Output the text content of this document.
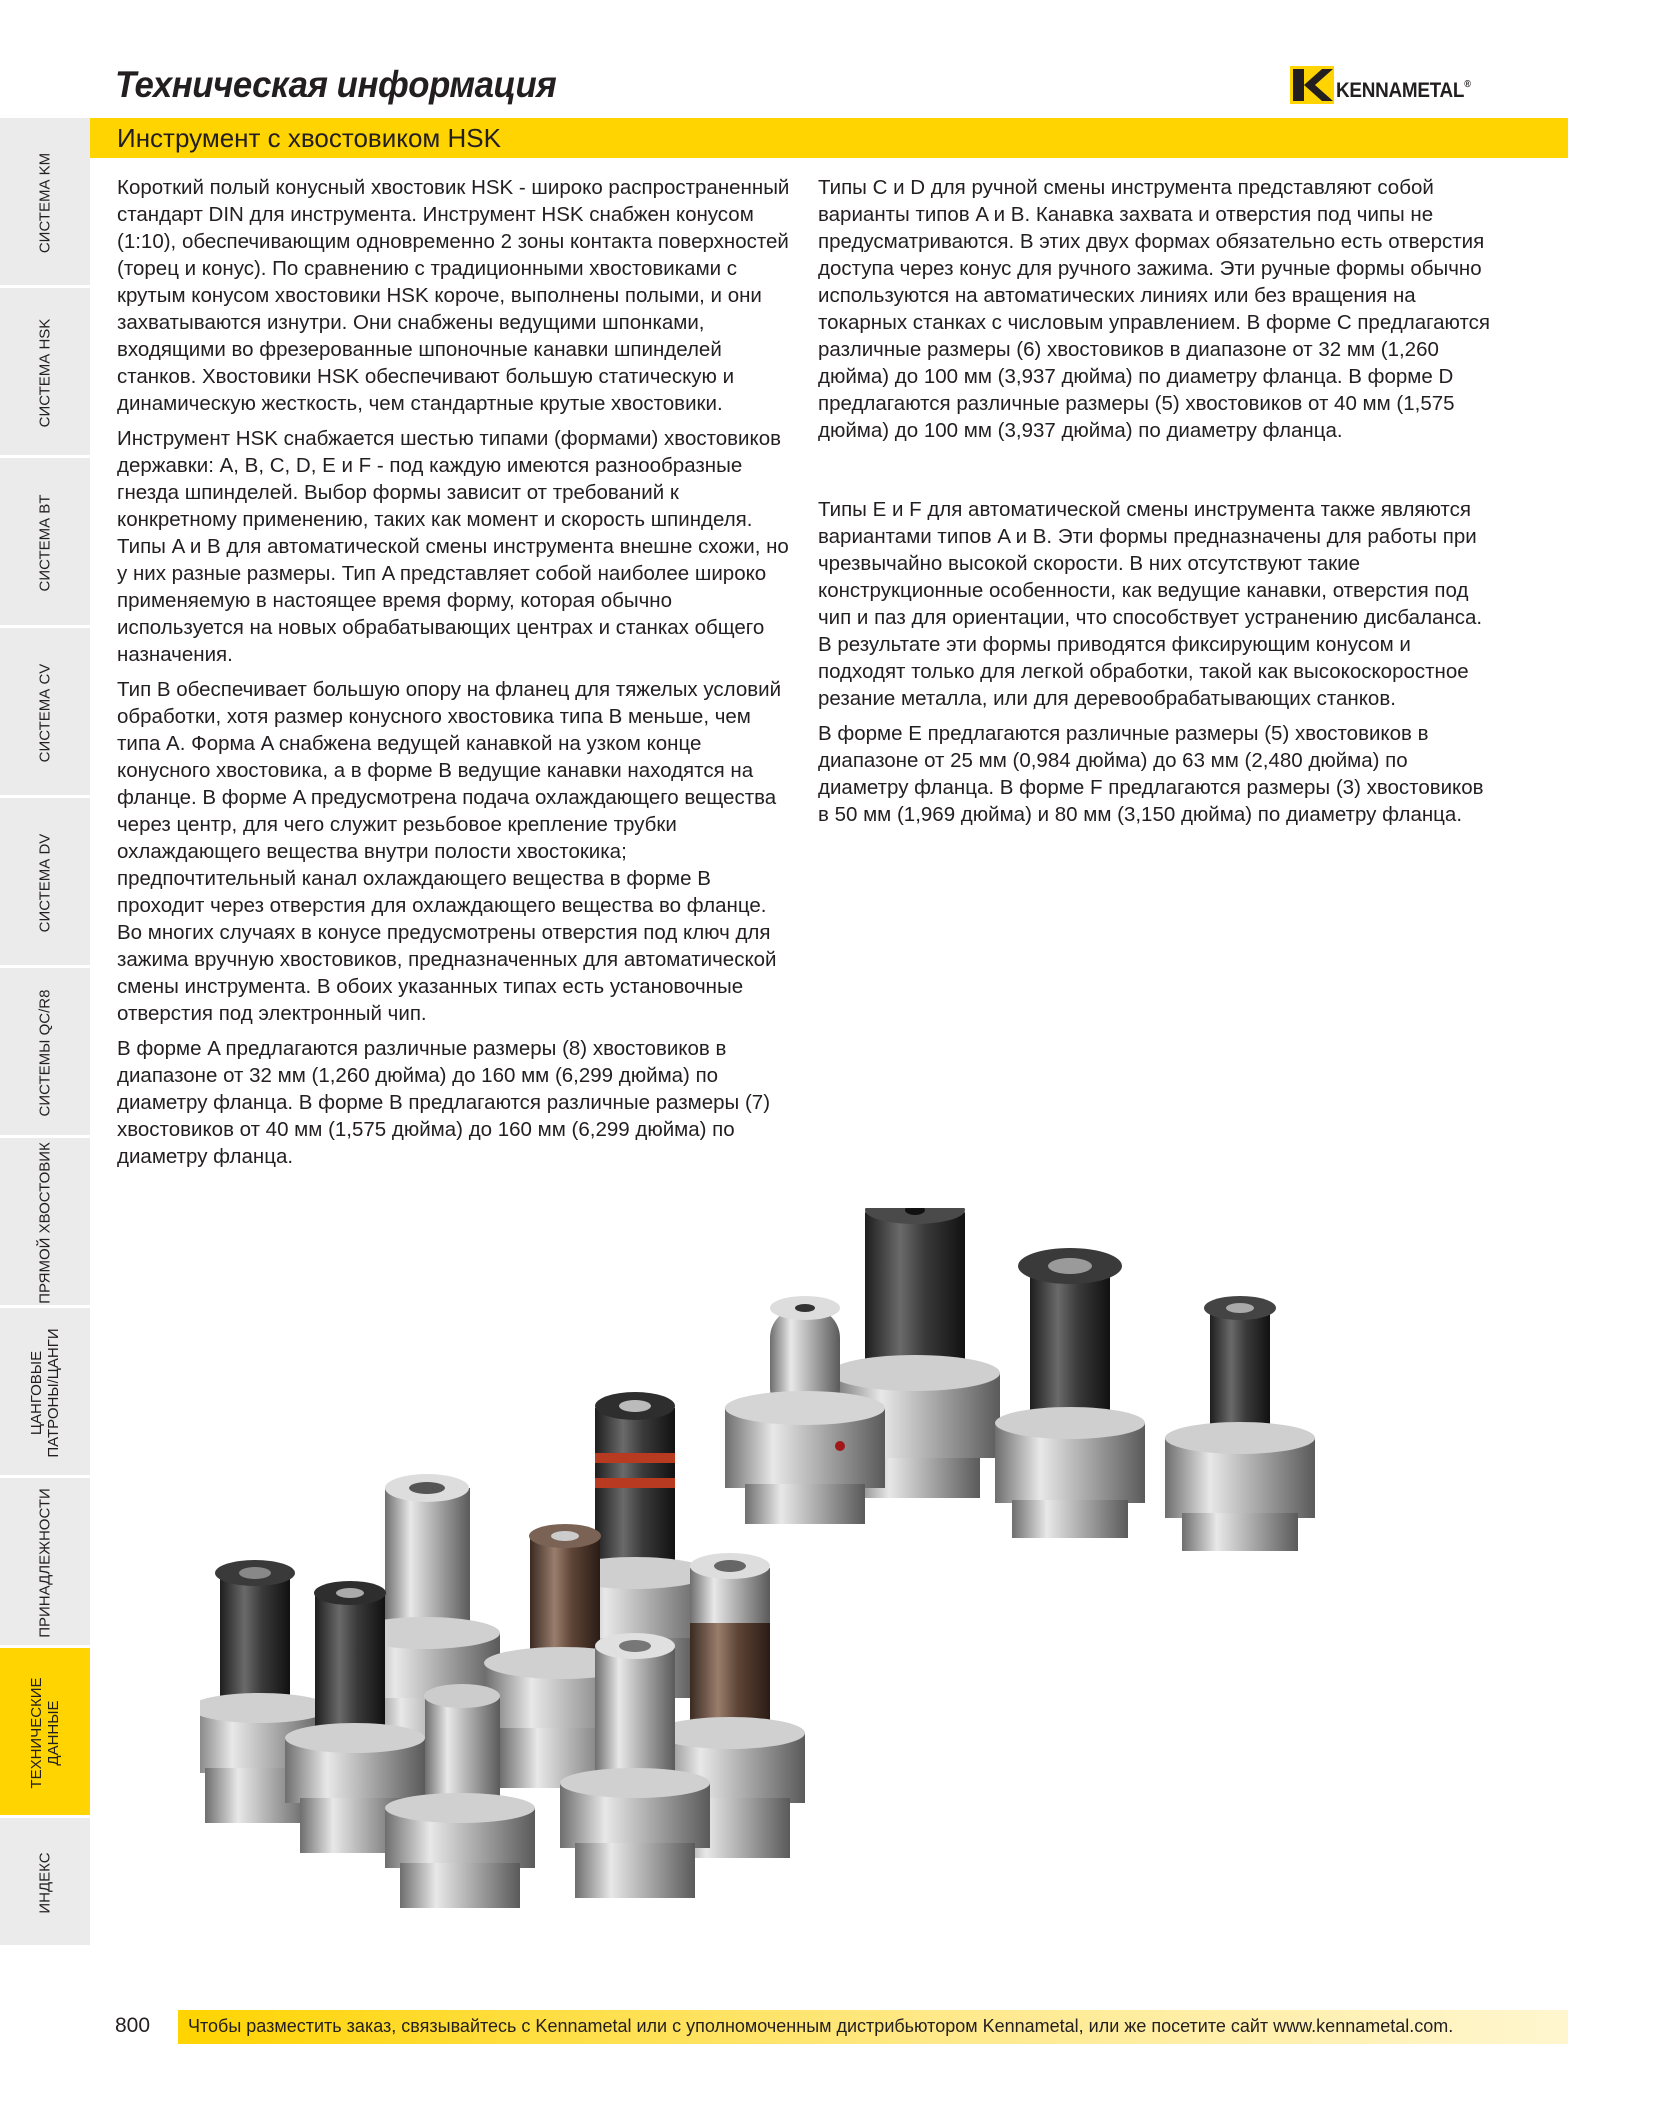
Техническая информация	KENNAMETAL®
Инструмент с хвостовиком HSK
СИСТЕМА KM
СИСТЕМА HSK
СИСТЕМА BT
СИСТЕМА CV
СИСТЕМА DV
СИСТЕМЫ QC/R8
ПРЯМОЙ ХВОСТОВИК
ЦАНГОВЫЕ
ПАТРОНЫ/ЦАНГИ
ПРИНАДЛЕЖНОСТИ
ТЕХНИЧЕСКИЕ
ДАННЫЕ
ИНДЕКС

Короткий полый конусный хвостовик HSK - широко распространенный стандарт DIN для инструмента. Инструмент HSK снабжен конусом (1:10), обеспечивающим одновременно 2 зоны контакта поверхностей (торец и конус). По сравнению с традиционными хвостовиками с крутым конусом хвостовики HSK короче, выполнены полыми, и они захватываются изнутри. Они снабжены ведущими шпонками, входящими во фрезерованные шпоночные канавки шпинделей станков. Хвостовики HSK обеспечивают большую статическую и динамическую жесткость, чем стандартные крутые хвостовики.

Инструмент HSK снабжается шестью типами (формами) хвостовиков державки: A, B, C, D, E и F - под каждую имеются разнообразные гнезда шпинделей. Выбор формы зависит от требований к конкретному применению, таких как момент и скорость шпинделя. Типы A и B для автоматической смены инструмента внешне схожи, но у них разные размеры. Тип A представляет собой наиболее широко применяемую в настоящее время форму, которая обычно используется на новых обрабатывающих центрах и станках общего назначения.

Тип B обеспечивает большую опору на фланец для тяжелых условий обработки, хотя размер конусного хвостовика типа B меньше, чем типа A. Форма A снабжена ведущей канавкой на узком конце конусного хвостовика, а в форме B ведущие канавки находятся на фланце. В форме A предусмотрена подача охлаждающего вещества через центр, для чего служит резьбовое крепление трубки охлаждающего вещества внутри полости хвостокика; предпочтительный канал охлаждающего вещества в форме B проходит через отверстия для охлаждающего вещества во фланце. Во многих случаях в конусе предусмотрены отверстия под ключ для зажима вручную хвостовиков, предназначенных для автоматической смены инструмента. В обоих указанных типах есть установочные отверстия под электронный чип.

В форме A предлагаются различные размеры (8) хвостовиков в диапазоне от 32 мм (1,260 дюйма) до 160 мм (6,299 дюйма) по диаметру фланца. В форме B предлагаются различные размеры (7) хвостовиков от 40 мм (1,575 дюйма) до 160 мм (6,299 дюйма) по диаметру фланца.

Типы C и D для ручной смены инструмента представляют собой варианты типов A и B. Канавка захвата и отверстия под чипы не предусматриваются. В этих двух формах обязательно есть отверстия доступа через конус для ручного зажима. Эти ручные формы обычно используются на автоматических линиях или без вращения на токарных станках с числовым управлением. В форме C предлагаются различные размеры (6) хвостовиков в диапазоне от 32 мм (1,260 дюйма) до 100 мм (3,937 дюйма) по диаметру фланца. В форме D предлагаются различные размеры (5) хвостовиков от 40 мм (1,575 дюйма) до 100 мм (3,937 дюйма) по диаметру фланца.

Типы E и F для автоматической смены инструмента также являются вариантами типов A и B. Эти формы предназначены для работы при чрезвычайно высокой скорости. В них отсутствуют такие конструкционные особенности, как ведущие канавки, отверстия под чип и паз для ориентации, что способствует устранению дисбаланса. В результате эти формы приводятся фиксирующим конусом и подходят только для легкой обработки, такой как высокоскоростное резание металла, или для деревообрабатывающих станков.

В форме E предлагаются различные размеры (5) хвостовиков в диапазоне от 25 мм (0,984 дюйма) до 63 мм (2,480 дюйма) по диаметру фланца. В форме F предлагаются размеры (3) хвостовиков в 50 мм (1,969 дюйма) и 80 мм (3,150 дюйма) по диаметру фланца.

800 Чтобы разместить заказ, связывайтесь с Kennametal или с уполномоченным дистрибьютором Kennametal, или же посетите сайт www.kennametal.com.
